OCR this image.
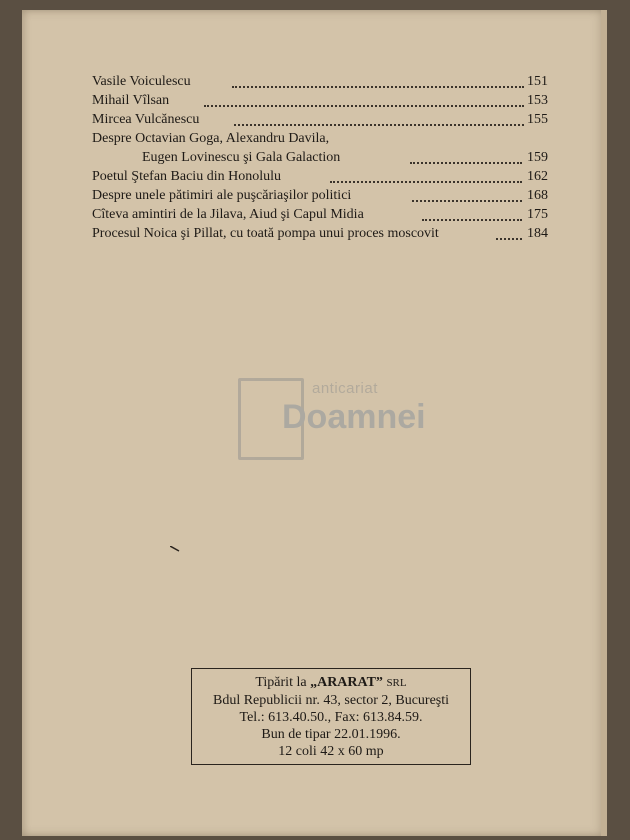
Vasile Voiculescu	151
Mihail Vîlsan	153
Mircea Vulcănescu	155
Despre Octavian Goga, Alexandru Davila,
Eugen Lovinescu şi Gala Galaction	159
Poetul Ştefan Baciu din Honolulu	162
Despre unele pătimiri ale puşcăriaşilor politici	168
Cîteva amintiri de la Jilava, Aiud şi Capul Midia	175
Procesul Noica şi Pillat, cu toată pompa unui proces moscovit	184
anticariat
Doamnei
Tipărit la „ARARAT” SRL
Bdul Republicii nr. 43, sector 2, Bucureşti
Tel.: 613.40.50., Fax: 613.84.59.
Bun de tipar 22.01.1996.
12 coli 42 x 60 mp
